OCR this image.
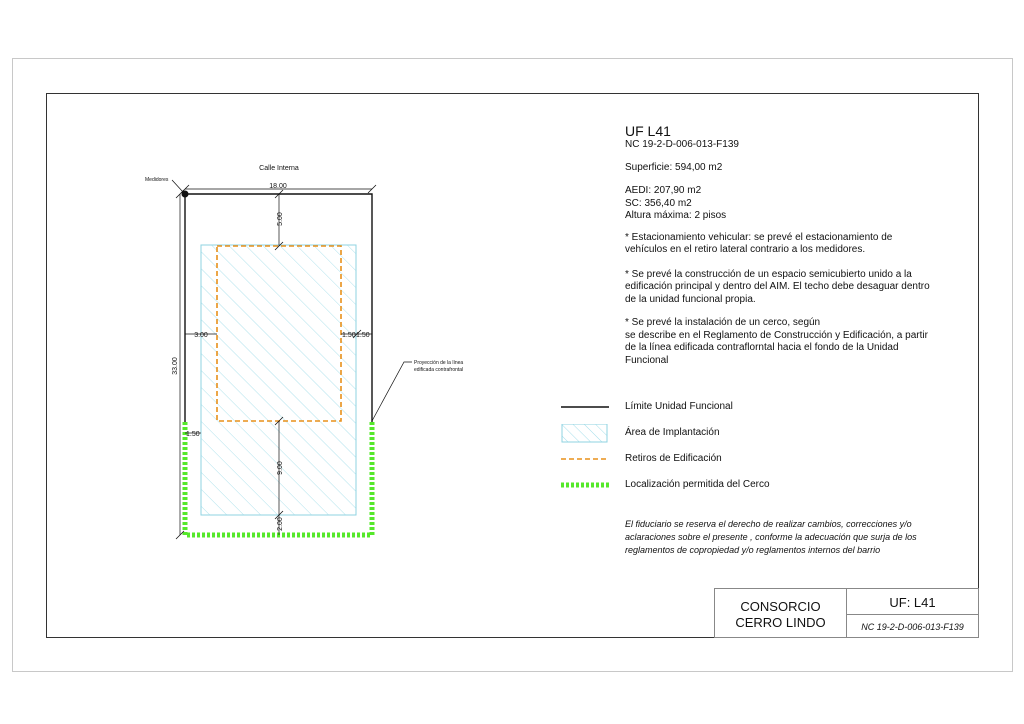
Calle Interna
Medidores
18.00
5.00
3.00	1.50 1.50
33.00
1.50
9.00
2.00
Proyección de la línea
edificada contrafrontal
UF L41

NC 19-2-D-006-013-F139

Superficie: 594,00 m2

AEDI: 207,90 m2

SC: 356,40 m2

Altura máxima: 2 pisos

* Estacionamiento vehicular: se prevé el estacionamiento de

vehículos en el retiro lateral contrario a los medidores.

* Se prevé la construcción de un espacio semicubierto unido a la

edificación principal y dentro del AIM. El techo debe desaguar dentro

de la unidad funcional propia.

* Se prevé la instalación de un cerco, según

se describe en el Reglamento de Construcción y Edificación, a partir

de la línea edificada contraflorntal hacia el fondo de la Unidad

Funcional

Límite Unidad Funcional
Área de Implantación
Retiros de Edificación
Localización permitida del Cerco
El fiduciario se reserva el derecho de realizar cambios, correcciones y/o
aclaraciones sobre el presente , conforme la adecuación que surja de los
reglamentos de copropiedad y/o reglamentos internos del barrio
CONSORCIO
CERRO LINDO
UF: L41
NC 19-2-D-006-013-F139
